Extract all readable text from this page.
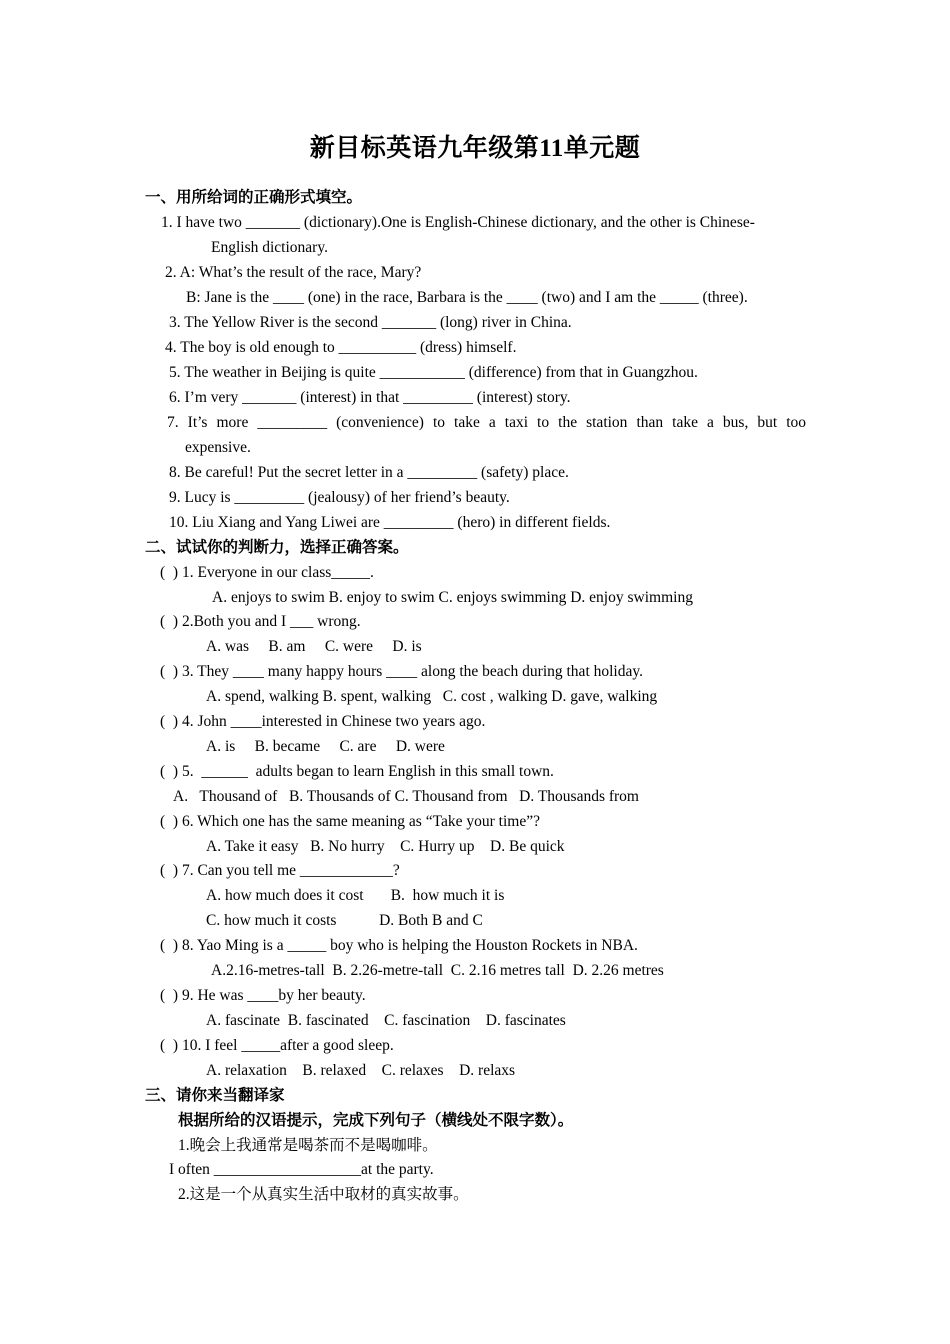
新目标英语九年级第11单元题
一、用所给词的正确形式填空。
1. I have two _______ (dictionary).One is English-Chinese dictionary, and the other is Chinese-
English dictionary.
2. A: What’s the result of the race, Mary?
B: Jane is the ____ (one) in the race, Barbara is the ____ (two) and I am the _____ (three).
3. The Yellow River is the second _______ (long) river in China.
4. The boy is old enough to __________ (dress) himself.
5. The weather in Beijing is quite ___________ (difference) from that in Guangzhou.
6. I’m very _______ (interest) in that _________ (interest) story.
7. It’s more _________ (convenience) to take a taxi to the station than take a bus, but too
expensive.
8. Be careful! Put the secret letter in a _________ (safety) place.
9. Lucy is _________ (jealousy) of her friend’s beauty.
10. Liu Xiang and Yang Liwei are _________ (hero) in different fields.
二、试试你的判断力，选择正确答案。
(  ) 1. Everyone in our class_____.
A. enjoys to swim B. enjoy to swim C. enjoys swimming D. enjoy swimming
(  ) 2.Both you and I ___ wrong.
A. was     B. am     C. were     D. is
(  ) 3. They ____ many happy hours ____ along the beach during that holiday.
A. spend, walking B. spent, walking   C. cost , walking D. gave, walking
(  ) 4. John ____interested in Chinese two years ago.
A. is     B. became     C. are     D. were
(  ) 5.  ______  adults began to learn English in this small town.
A.   Thousand of   B. Thousands of C. Thousand from   D. Thousands from
(  ) 6. Which one has the same meaning as “Take your time”?
A. Take it easy   B. No hurry    C. Hurry up    D. Be quick
(  ) 7. Can you tell me ____________?
A. how much does it cost       B.  how much it is
C. how much it costs           D. Both B and C
(  ) 8. Yao Ming is a _____ boy who is helping the Houston Rockets in NBA.
A.2.16-metres-tall  B. 2.26-metre-tall  C. 2.16 metres tall  D. 2.26 metres
(  ) 9. He was ____by her beauty.
A. fascinate  B. fascinated    C. fascination    D. fascinates
(  ) 10. I feel _____after a good sleep.
A. relaxation    B. relaxed    C. relaxes    D. relaxs
三、请你来当翻译家
根据所给的汉语提示，完成下列句子（横线处不限字数）。
1.晚会上我通常是喝茶而不是喝咖啡。
I often ___________________at the party.
2.这是一个从真实生活中取材的真实故事。
